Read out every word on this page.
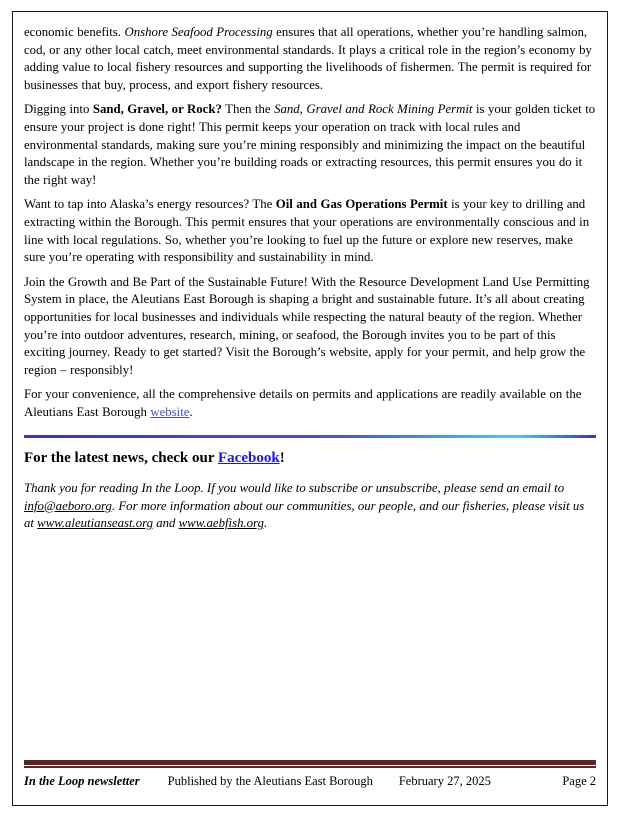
economic benefits. Onshore Seafood Processing ensures that all operations, whether you’re handling salmon, cod, or any other local catch, meet environmental standards. It plays a critical role in the region’s economy by adding value to local fishery resources and supporting the livelihoods of fishermen. The permit is required for businesses that buy, process, and export fishery resources.

Digging into Sand, Gravel, or Rock? Then the Sand, Gravel and Rock Mining Permit is your golden ticket to ensure your project is done right! This permit keeps your operation on track with local rules and environmental standards, making sure you’re mining responsibly and minimizing the impact on the beautiful landscape in the region. Whether you’re building roads or extracting resources, this permit ensures you do it the right way!

Want to tap into Alaska’s energy resources? The Oil and Gas Operations Permit is your key to drilling and extracting within the Borough. This permit ensures that your operations are environmentally conscious and in line with local regulations. So, whether you’re looking to fuel up the future or explore new reserves, make sure you’re operating with responsibility and sustainability in mind.

Join the Growth and Be Part of the Sustainable Future! With the Resource Development Land Use Permitting System in place, the Aleutians East Borough is shaping a bright and sustainable future. It’s all about creating opportunities for local businesses and individuals while respecting the natural beauty of the region. Whether you’re into outdoor adventures, research, mining, or seafood, the Borough invites you to be part of this exciting journey. Ready to get started? Visit the Borough’s website, apply for your permit, and help grow the region – responsibly!

For your convenience, all the comprehensive details on permits and applications are readily available on the Aleutians East Borough website.

For the latest news, check our Facebook!

Thank you for reading In the Loop. If you would like to subscribe or unsubscribe, please send an email to info@aeboro.org. For more information about our communities, our people, and our fisheries, please visit us at www.aleutianseast.org and www.aebfish.org.

In the Loop newsletter Published by the Aleutians East Borough February 27, 2025	Page 2
